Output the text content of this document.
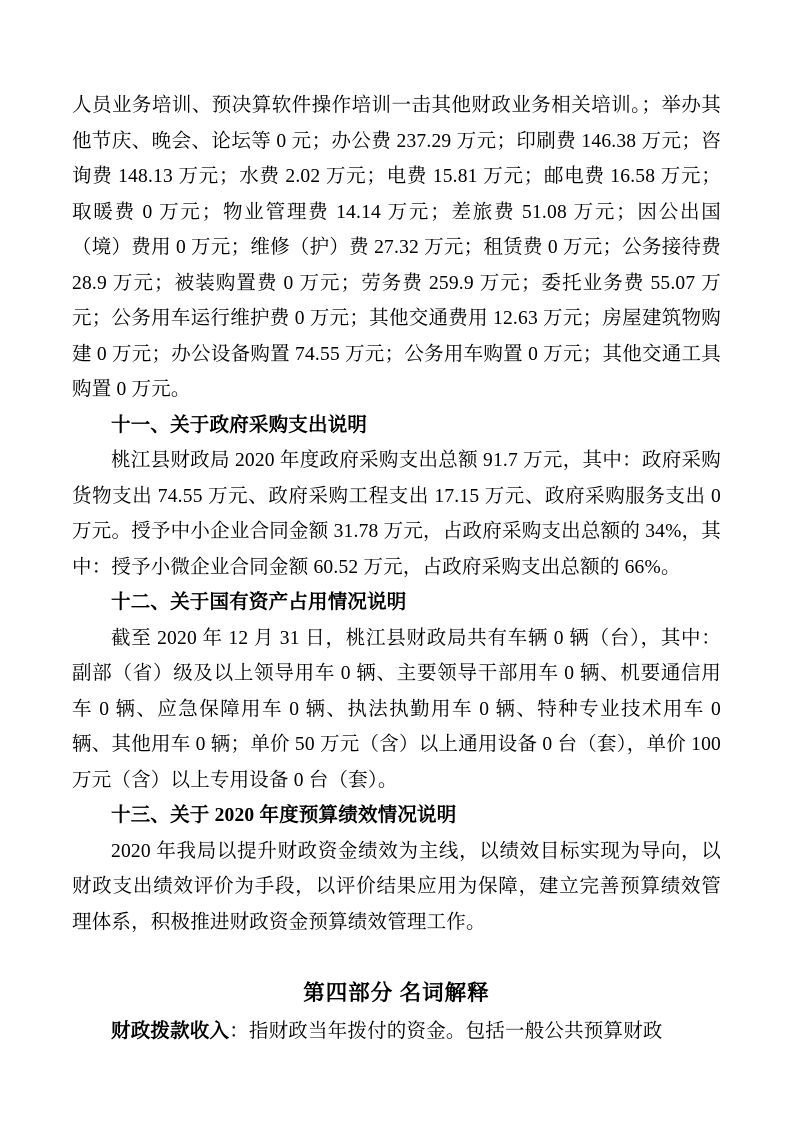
人员业务培训、预决算软件操作培训一击其他财政业务相关培训。；举办其他节庆、晚会、论坛等 0 元；办公费 237.29 万元；印刷费 146.38 万元；咨询费 148.13 万元；水费 2.02 万元；电费 15.81 万元；邮电费 16.58 万元；取暖费 0 万元；物业管理费 14.14 万元；差旅费 51.08 万元；因公出国（境）费用 0 万元；维修（护）费 27.32 万元；租赁费 0 万元；公务接待费 28.9 万元；被装购置费 0 万元；劳务费 259.9 万元；委托业务费 55.07 万元；公务用车运行维护费 0 万元；其他交通费用 12.63 万元；房屋建筑物购建 0 万元；办公设备购置 74.55 万元；公务用车购置 0 万元；其他交通工具购置 0 万元。

十一、关于政府采购支出说明

桃江县财政局 2020 年度政府采购支出总额 91.7 万元，其中：政府采购货物支出 74.55 万元、政府采购工程支出 17.15 万元、政府采购服务支出 0 万元。授予中小企业合同金额 31.78 万元，占政府采购支出总额的 34%，其中：授予小微企业合同金额 60.52 万元，占政府采购支出总额的 66%。

十二、关于国有资产占用情况说明

截至 2020 年 12 月 31 日，桃江县财政局共有车辆 0 辆（台），其中：副部（省）级及以上领导用车 0 辆、主要领导干部用车 0 辆、机要通信用车 0 辆、应急保障用车 0 辆、执法执勤用车 0 辆、特种专业技术用车 0 辆、其他用车 0 辆；单价 50 万元（含）以上通用设备 0 台（套），单价 100 万元（含）以上专用设备 0 台（套）。

十三、关于 2020 年度预算绩效情况说明

2020 年我局以提升财政资金绩效为主线，以绩效目标实现为导向，以财政支出绩效评价为手段，以评价结果应用为保障，建立完善预算绩效管理体系，积极推进财政资金预算绩效管理工作。

第四部分 名词解释

财政拨款收入：指财政当年拨付的资金。包括一般公共预算财政
